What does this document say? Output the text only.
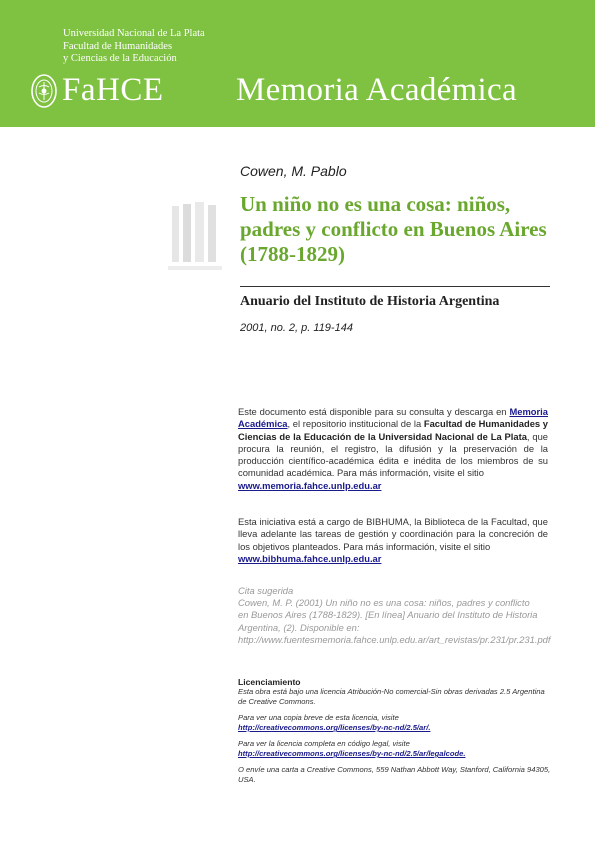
Universidad Nacional de La Plata
Facultad de Humanidades
y Ciencias de la Educación
FaHCE Memoria Académica
Cowen, M. Pablo
Un niño no es una cosa: niños, padres y conflicto en Buenos Aires (1788-1829)
Anuario del Instituto de Historia Argentina
2001, no. 2, p. 119-144
Este documento está disponible para su consulta y descarga en Memoria Académica, el repositorio institucional de la Facultad de Humanidades y Ciencias de la Educación de la Universidad Nacional de La Plata, que procura la reunión, el registro, la difusión y la preservación de la producción científico-académica édita e inédita de los miembros de su comunidad académica. Para más información, visite el sitio
www.memoria.fahce.unlp.edu.ar
Esta iniciativa está a cargo de BIBHUMA, la Biblioteca de la Facultad, que lleva adelante las tareas de gestión y coordinación para la concreción de los objetivos planteados. Para más información, visite el sitio
www.bibhuma.fahce.unlp.edu.ar
Cita sugerida
Cowen, M. P. (2001) Un niño no es una cosa: niños, padres y conflicto en Buenos Aires (1788-1829). [En línea] Anuario del Instituto de Historia Argentina, (2). Disponible en: http://www.fuentesmemoria.fahce.unlp.edu.ar/art_revistas/pr.231/pr.231.pdf
Licenciamiento
Esta obra está bajo una licencia Atribución-No comercial-Sin obras derivadas 2.5 Argentina de Creative Commons.
Para ver una copia breve de esta licencia, visite
http://creativecommons.org/licenses/by-nc-nd/2.5/ar/.
Para ver la licencia completa en código legal, visite
http://creativecommons.org/licenses/by-nc-nd/2.5/ar/legalcode.
O envíe una carta a Creative Commons, 559 Nathan Abbott Way, Stanford, California 94305, USA.
